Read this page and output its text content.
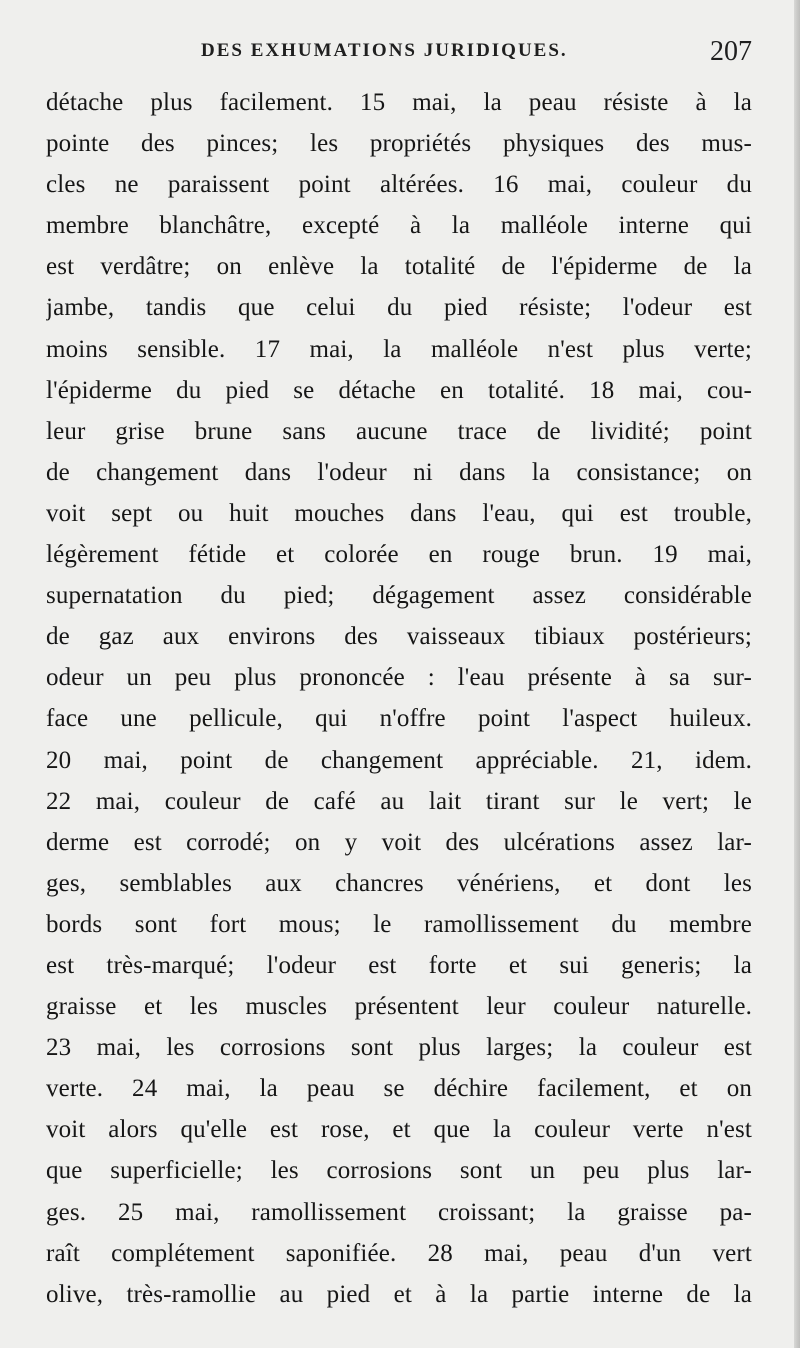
DES EXHUMATIONS JURIDIQUES.	207
détache plus facilement. 15 mai, la peau résiste à la
pointe des pinces; les propriétés physiques des mus-
cles ne paraissent point altérées. 16 mai, couleur du
membre blanchâtre, excepté à la malléole interne qui
est verdâtre; on enlève la totalité de l'épiderme de la
jambe, tandis que celui du pied résiste; l'odeur est
moins sensible. 17 mai, la malléole n'est plus verte;
l'épiderme du pied se détache en totalité. 18 mai, cou-
leur grise brune sans aucune trace de lividité; point
de changement dans l'odeur ni dans la consistance; on
voit sept ou huit mouches dans l'eau, qui est trouble,
légèrement fétide et colorée en rouge brun. 19 mai,
supernatation du pied; dégagement assez considérable
de gaz aux environs des vaisseaux tibiaux postérieurs;
odeur un peu plus prononcée : l'eau présente à sa sur-
face une pellicule, qui n'offre point l'aspect huileux.
20 mai, point de changement appréciable. 21, idem.
22 mai, couleur de café au lait tirant sur le vert; le
derme est corrodé; on y voit des ulcérations assez lar-
ges, semblables aux chancres vénériens, et dont les
bords sont fort mous; le ramollissement du membre
est très-marqué; l'odeur est forte et sui generis; la
graisse et les muscles présentent leur couleur naturelle.
23 mai, les corrosions sont plus larges; la couleur est
verte. 24 mai, la peau se déchire facilement, et on
voit alors qu'elle est rose, et que la couleur verte n'est
que superficielle; les corrosions sont un peu plus lar-
ges. 25 mai, ramollissement croissant; la graisse pa-
raît complétement saponifiée. 28 mai, peau d'un vert
olive, très-ramollie au pied et à la partie interne de la
